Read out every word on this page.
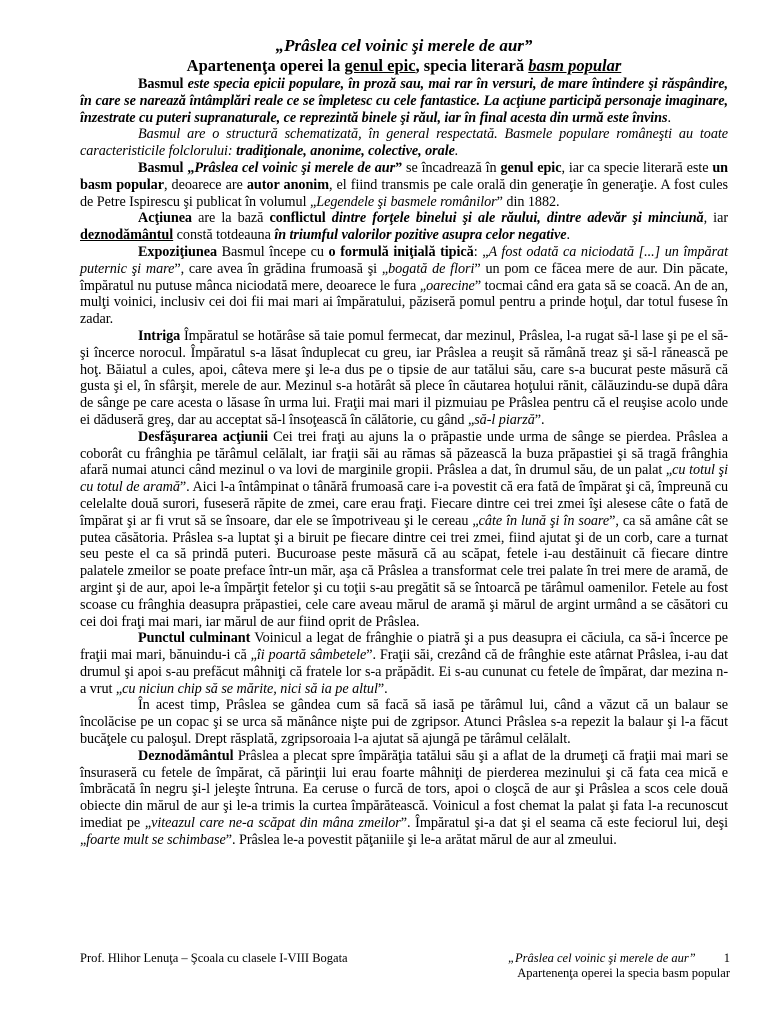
„Prâslea cel voinic şi merele de aur”
Apartenenţa operei la genul epic, specia literară basm popular

Basmul este specia epicii populare, în proză sau, mai rar în versuri, de mare întindere şi răspândire, în care se narează întâmplări reale ce se împletesc cu cele fantastice. La acţiune participă personaje imaginare, înzestrate cu puteri supranaturale, ce reprezintă binele şi răul, iar în final acesta din urmă este învins.

Basmul are o structură schematizată, în general respectată. Basmele populare româneşti au toate caracteristicile folclorului: tradiţionale, anonime, colective, orale.

Basmul „Prâslea cel voinic şi merele de aur” se încadrează în genul epic, iar ca specie literară este un basm popular, deoarece are autor anonim, el fiind transmis pe cale orală din generaţie în generaţie. A fost cules de Petre Ispirescu şi publicat în volumul „Legendele şi basmele românilor” din 1882.

Acţiunea are la bază conflictul dintre forţele binelui şi ale răului, dintre adevăr şi minciună, iar deznodământul constă totdeauna în triumful valorilor pozitive asupra celor negative.

Expoziţiunea Basmul începe cu o formulă iniţială tipică: „A fost odată ca niciodată [...] un împărat puternic şi mare”, care avea în grădina frumoasă şi „bogată de flori” un pom ce făcea mere de aur. Din păcate, împăratul nu putuse mânca niciodată mere, deoarece le fura „oarecine” tocmai când era gata să se coacă. An de an, mulţi voinici, inclusiv cei doi fii mai mari ai împăratului, păziseră pomul pentru a prinde hoţul, dar totul fusese în zadar.

Intriga Împăratul se hotărâse să taie pomul fermecat, dar mezinul, Prâslea, l-a rugat să-l lase şi pe el să-şi încerce norocul. Împăratul s-a lăsat înduplecat cu greu, iar Prâslea a reuşit să rămână treaz şi să-l rănească pe hoţ. Băiatul a cules, apoi, câteva mere şi le-a dus pe o tipsie de aur tatălui său, care s-a bucurat peste măsură că gusta şi el, în sfârşit, merele de aur. Mezinul s-a hotărât să plece în căutarea hoţului rănit, călăuzindu-se după dâra de sânge pe care acesta o lăsase în urma lui. Fraţii mai mari il pizmuiau pe Prâslea pentru că el reuşise acolo unde ei dăduseră greş, dar au acceptat să-l însoţească în călătorie, cu gând „să-l piarză”.

Desfăşurarea acţiunii Cei trei fraţi au ajuns la o prăpastie unde urma de sânge se pierdea. Prâslea a coborât cu frânghia pe tărâmul celălalt, iar fraţii săi au rămas să păzească la buza prăpastiei şi să tragă frânghia afară numai atunci când mezinul o va lovi de marginile gropii. Prâslea a dat, în drumul său, de un palat „cu totul şi cu totul de aramă”. Aici l-a întâmpinat o tânără frumoasă care i-a povestit că era fată de împărat şi că, împreună cu celelalte două surori, fuseseră răpite de zmei, care erau fraţi. Fiecare dintre cei trei zmei îşi alesese câte o fată de împărat şi ar fi vrut să se însoare, dar ele se împotriveau şi le cereau „câte în lună şi în soare”, ca să amâne cât se putea căsătoria. Prâslea s-a luptat şi a biruit pe fiecare dintre cei trei zmei, fiind ajutat şi de un corb, care a turnat seu peste el ca să prindă puteri. Bucuroase peste măsură că au scăpat, fetele i-au destăinuit că fiecare dintre palatele zmeilor se poate preface într-un măr, aşa că Prâslea a transformat cele trei palate în trei mere de aramă, de argint şi de aur, apoi le-a împărţit fetelor şi cu toţii s-au pregătit să se întoarcă pe tărâmul oamenilor. Fetele au fost scoase cu frânghia deasupra prăpastiei, cele care aveau mărul de aramă şi mărul de argint urmând a se căsători cu cei doi fraţi mai mari, iar mărul de aur fiind oprit de Prâslea.

Punctul culminant Voinicul a legat de frânghie o piatră şi a pus deasupra ei căciula, ca să-i încerce pe fraţii mai mari, bănuindu-i că „îi poartă sâmbetele”. Fraţii săi, crezând că de frânghie este atârnat Prâslea, i-au dat drumul şi apoi s-au prefăcut mâhniţi că fratele lor s-a prăpădit. Ei s-au cununat cu fetele de împărat, dar mezina n-a vrut „cu niciun chip să se mărite, nici să ia pe altul”.

În acest timp, Prâslea se gândea cum să facă să iasă pe tărâmul lui, când a văzut că un balaur se încolăcise pe un copac şi se urca să mănânce nişte pui de zgripsor. Atunci Prâslea s-a repezit la balaur şi l-a făcut bucăţele cu paloşul. Drept răsplată, zgripsoroaia l-a ajutat să ajungă pe tărâmul celălalt.

Deznodământul Prâslea a plecat spre împărăţia tatălui său şi a aflat de la drumeţi că fraţii mai mari se însuraseră cu fetele de împărat, că părinţii lui erau foarte mâhniţi de pierderea mezinului şi că fata cea mică e îmbrăcată în negru şi-l jeleşte întruna. Ea ceruse o furcă de tors, apoi o cloşcă de aur şi Prâslea a scos cele două obiecte din mărul de aur şi le-a trimis la curtea împărătească. Voinicul a fost chemat la palat şi fata l-a recunoscut imediat pe „viteazul care ne-a scăpat din mâna zmeilor”. Împăratul şi-a dat şi el seama că este feciorul lui, deşi „foarte mult se schimbase”. Prâslea le-a povestit păţaniile şi le-a arătat mărul de aur al zmeului.

Prof. Hlihor Lenuţa – Şcoala cu clasele I-VIII Bogata	„Prâslea cel voinic şi merele de aur” 1
Apartenenţa operei la specia basm popular
